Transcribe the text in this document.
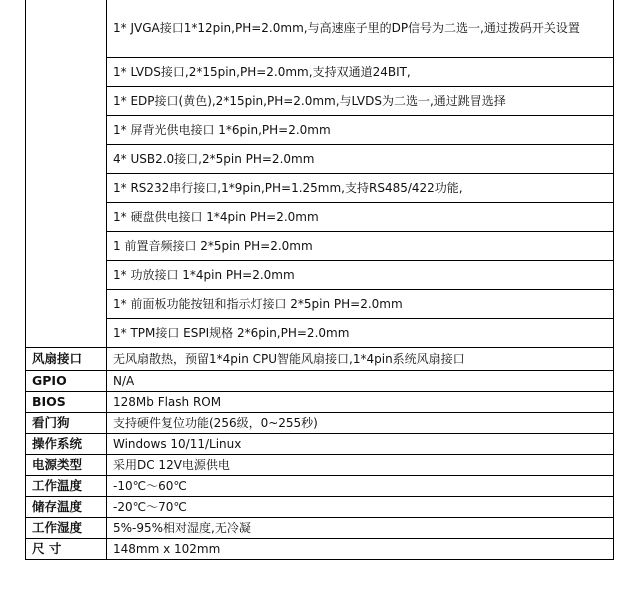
	1* JVGA接口1*12pin,PH=2.0mm,与高速座子里的DP信号为二选一,通过拨码开关设置
	1* LVDS接口,2*15pin,PH=2.0mm,支持双通道24BIT,
	1* EDP接口(黄色),2*15pin,PH=2.0mm,与LVDS为二选一,通过跳冒选择
	1* 屏背光供电接口 1*6pin,PH=2.0mm
	4* USB2.0接口,2*5pin PH=2.0mm
	1* RS232串行接口,1*9pin,PH=1.25mm,支持RS485/422功能,
	1* 硬盘供电接口 1*4pin PH=2.0mm
	1 前置音频接口 2*5pin PH=2.0mm
	1* 功放接口 1*4pin PH=2.0mm
	1* 前面板功能按钮和指示灯接口 2*5pin PH=2.0mm
	1* TPM接口 ESPI规格 2*6pin,PH=2.0mm
风扇接口	无风扇散热，预留1*4pin CPU智能风扇接口,1*4pin系统风扇接口
GPIO	N/A
BIOS	128Mb Flash ROM
看门狗	支持硬件复位功能(256级，0~255秒)
操作系统	Windows 10/11/Linux
电源类型	采用DC 12V电源供电
工作温度	-10℃～60℃
储存温度	-20℃～70℃
工作湿度	5%-95%相对湿度,无冷凝
尺 寸	148mm x 102mm
